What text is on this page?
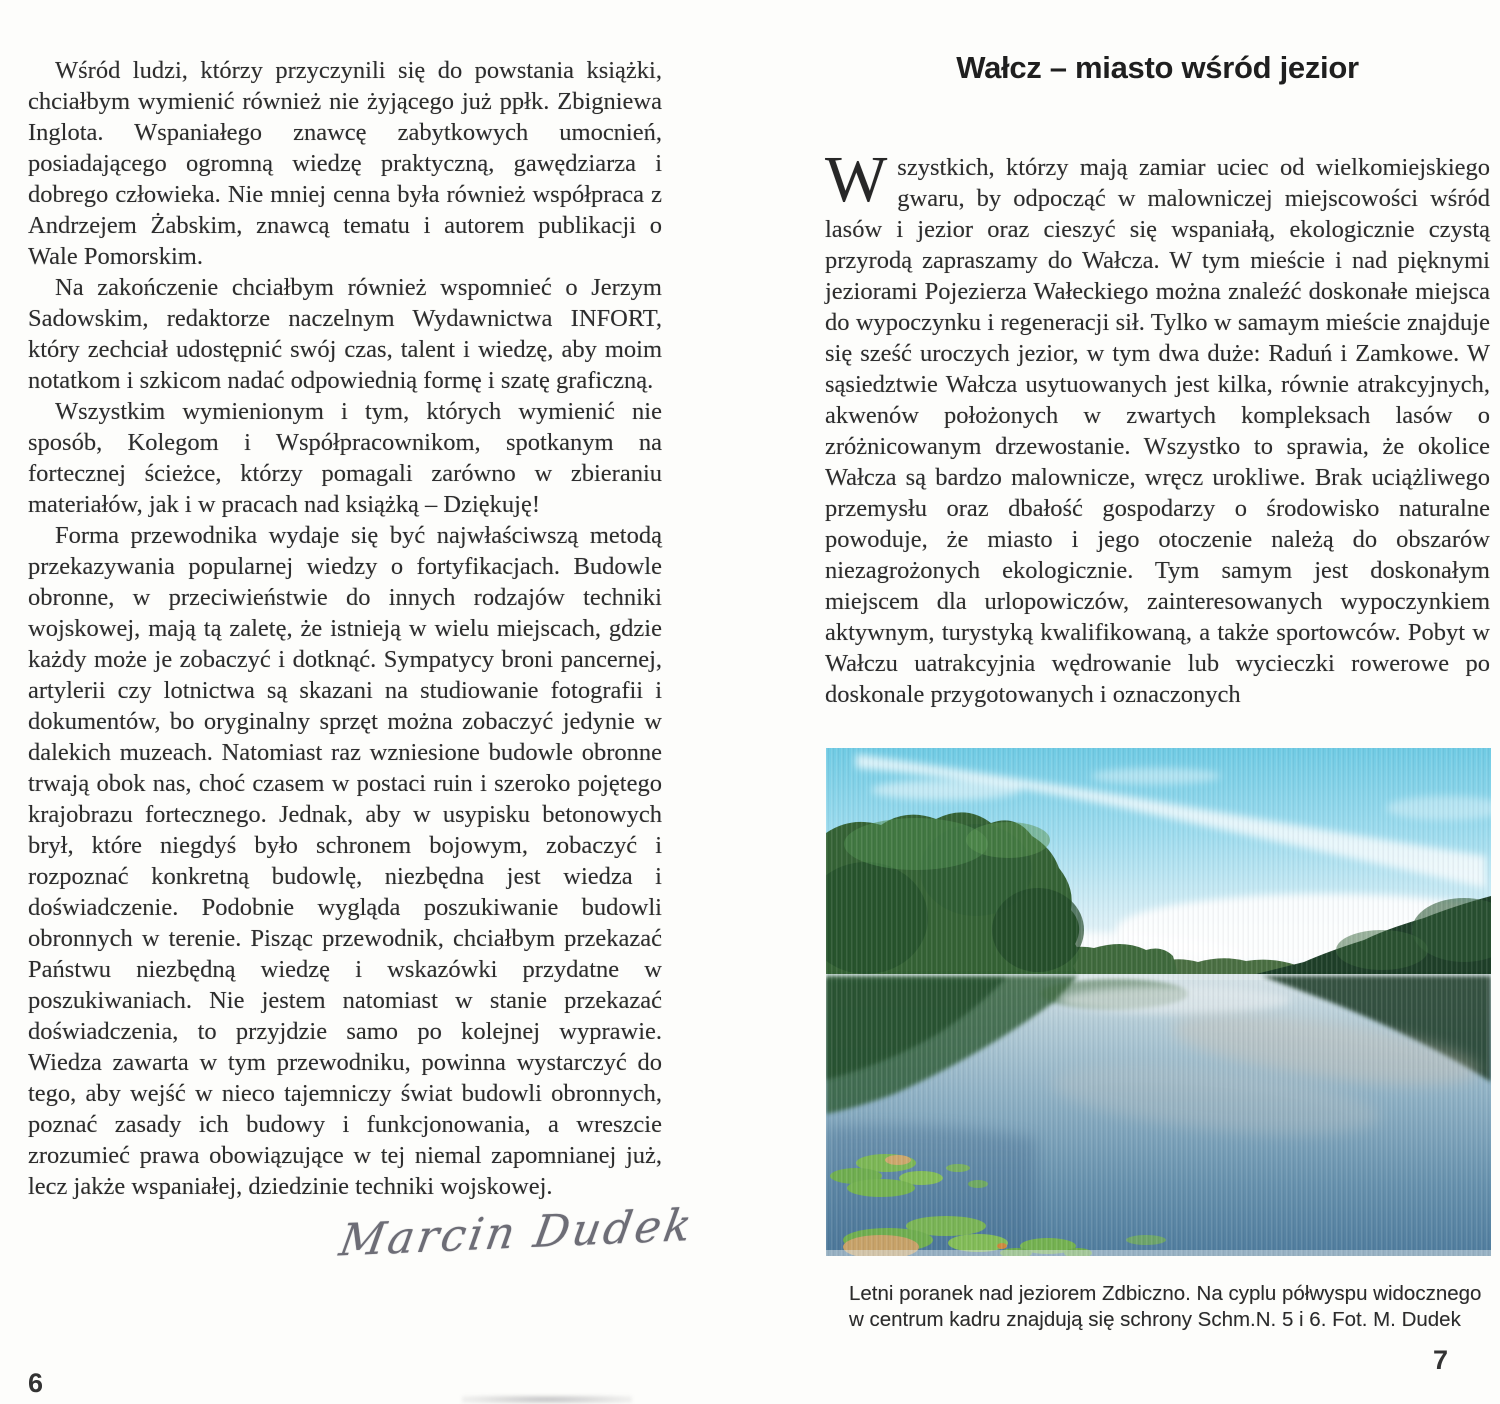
Wśród ludzi, którzy przyczynili się do powstania książki, chciałbym wymienić również nie żyjącego już ppłk. Zbigniewa Inglota. Wspaniałego znawcę zabytkowych umocnień, posiadającego ogromną wiedzę praktyczną, gawędziarza i dobrego człowieka. Nie mniej cenna była również współpraca z Andrzejem Żabskim, znawcą tematu i autorem publikacji o Wale Pomorskim.

Na zakończenie chciałbym również wspomnieć o Jerzym Sadowskim, redaktorze naczelnym Wydawnictwa INFORT, który zechciał udostępnić swój czas, talent i wiedzę, aby moim notatkom i szkicom nadać odpowiednią formę i szatę graficzną.

Wszystkim wymienionym i tym, których wymienić nie sposób, Kolegom i Współpracownikom, spotkanym na fortecznej ścieżce, którzy pomagali zarówno w zbieraniu materiałów, jak i w pracach nad książką – Dziękuję!

Forma przewodnika wydaje się być najwłaściwszą metodą przekazywania popularnej wiedzy o fortyfikacjach. Budowle obronne, w przeciwieństwie do innych rodzajów techniki wojskowej, mają tą zaletę, że istnieją w wielu miejscach, gdzie każdy może je zobaczyć i dotknąć. Sympatycy broni pancernej, artylerii czy lotnictwa są skazani na studiowanie fotografii i dokumentów, bo oryginalny sprzęt można zobaczyć jedynie w dalekich muzeach. Natomiast raz wzniesione budowle obronne trwają obok nas, choć czasem w postaci ruin i szeroko pojętego krajobrazu fortecznego. Jednak, aby w usypisku betonowych brył, które niegdyś było schronem bojowym, zobaczyć i rozpoznać konkretną budowlę, niezbędna jest wiedza i doświadczenie. Podobnie wygląda poszukiwanie budowli obronnych w terenie. Pisząc przewodnik, chciałbym przekazać Państwu niezbędną wiedzę i wskazówki przydatne w poszukiwaniach. Nie jestem natomiast w stanie przekazać doświadczenia, to przyjdzie samo po kolejnej wyprawie. Wiedza zawarta w tym przewodniku, powinna wystarczyć do tego, aby wejść w nieco tajemniczy świat budowli obronnych, poznać zasady ich budowy i funkcjonowania, a wreszcie zrozumieć prawa obowiązujące w tej niemal zapomnianej już, lecz jakże wspaniałej, dziedzinie techniki wojskowej.

Marcin Dudek
6
Wałcz – miasto wśród jezior

Wszystkich, którzy mają zamiar uciec od wielkomiejskiego gwaru, by odpocząć w malowniczej miejscowości wśród lasów i jezior oraz cieszyć się wspaniałą, ekologicznie czystą przyrodą zapraszamy do Wałcza. W tym mieście i nad pięknymi jeziorami Pojezierza Wałeckiego można znaleźć doskonałe miejsca do wypoczynku i regeneracji sił. Tylko w samaym mieście znajduje się sześć uroczych jezior, w tym dwa duże: Raduń i Zamkowe. W sąsiedztwie Wałcza usytuowanych jest kilka, równie atrakcyjnych, akwenów położonych w zwartych kompleksach lasów o zróżnicowanym drzewostanie. Wszystko to sprawia, że okolice Wałcza są bardzo malownicze, wręcz urokliwe. Brak uciążliwego przemysłu oraz dbałość gospodarzy o środowisko naturalne powoduje, że miasto i jego otoczenie należą do obszarów niezagrożonych ekologicznie. Tym samym jest doskonałym miejscem dla urlopowiczów, zainteresowanych wypoczynkiem aktywnym, turystyką kwalifikowaną, a także sportowców. Pobyt w Wałczu uatrakcyjnia wędrowanie lub wycieczki rowerowe po doskonale przygotowanych i oznaczonych

Letni poranek nad jeziorem Zdbiczno. Na cyplu półwyspu widocznego w centrum kadru znajdują się schrony Schm.N. 5 i 6. Fot. M. Dudek
7
